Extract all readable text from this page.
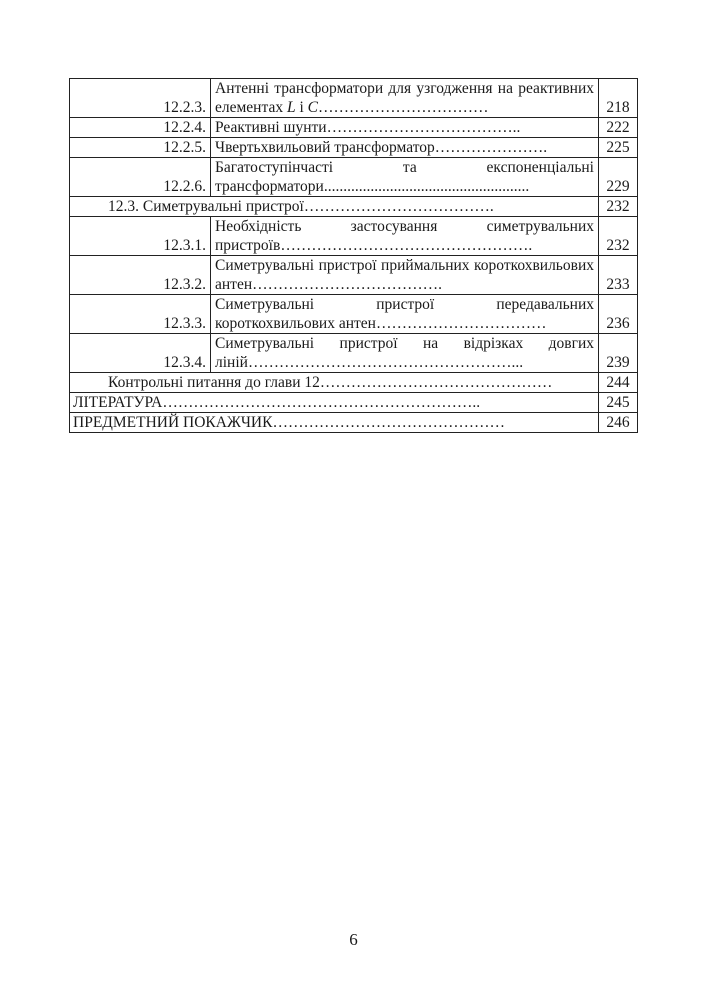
12.2.3.	Антенні трансформатори для узгодження на реактивних елементах L і C……………………………	218
12.2.4.	Реактивні шунти………………………………..	222
12.2.5.	Чвертьхвильовий трансформатор………………….	225
12.2.6.	Багатоступінчасті та експоненціальні трансформатори.....................................................	229
12.3. Симетрувальні пристрої……………………………….		232
12.3.1.	Необхідність застосування симетрувальних пристроїв………………………………………….	232
12.3.2.	Симетрувальні пристрої приймальних короткохвильових антен……………………………….	233
12.3.3.	Симетрувальні пристрої передавальних короткохвильових антен……………………………	236
12.3.4.	Симетрувальні пристрої на відрізках довгих ліній……………………………………………...	239
Контрольні питання до глави 12………………………………………		244
ЛІТЕРАТУРА……………………………………………………..		245
ПРЕДМЕТНИЙ ПОКАЖЧИК………………………………………		246
6
